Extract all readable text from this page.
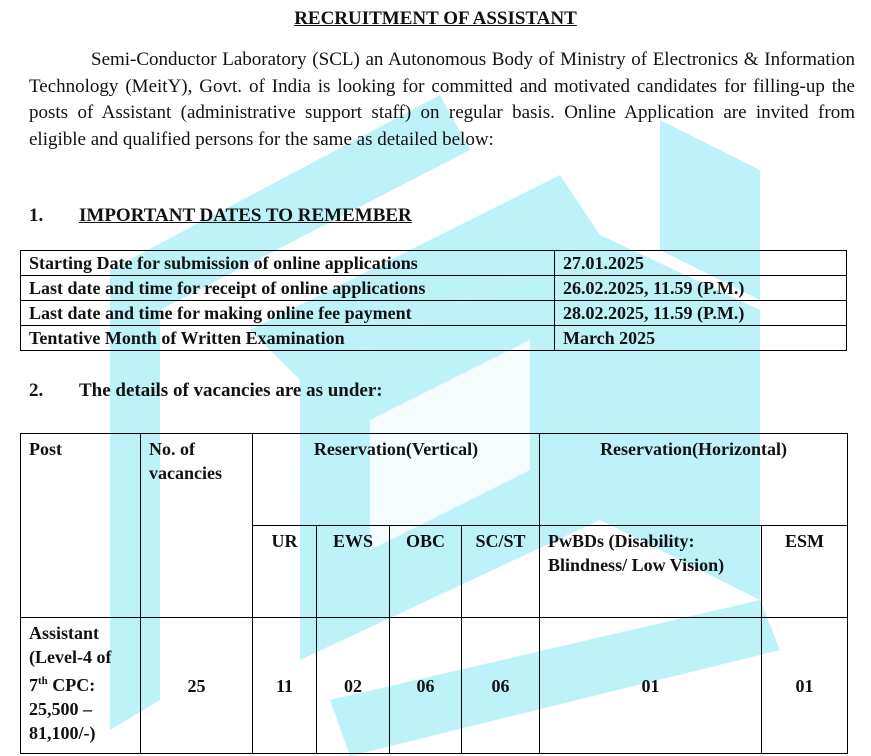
RECRUITMENT OF ASSISTANT
Semi-Conductor Laboratory (SCL) an Autonomous Body of Ministry of Electronics & Information Technology (MeitY), Govt. of India is looking for committed and motivated candidates for filling-up the posts of Assistant (administrative support staff) on regular basis. Online Application are invited from eligible and qualified persons for the same as detailed below:
1. IMPORTANT DATES TO REMEMBER
Starting Date for submission of online applications	27.01.2025
Last date and time for receipt of online applications	26.02.2025, 11.59 (P.M.)
Last date and time for making online fee payment	28.02.2025, 11.59 (P.M.)
Tentative Month of Written Examination	March 2025
2. The details of vacancies are as under:
Post	No. of vacancies	Reservation(Vertical)				Reservation(Horizontal)	
		UR	EWS	OBC	SC/ST	PwBDs (Disability: Blindness/ Low Vision)	ESM
Assistant (Level-4 of 7th CPC: 25,500 – 81,100/-)	25	11	02	06	06	01	01
